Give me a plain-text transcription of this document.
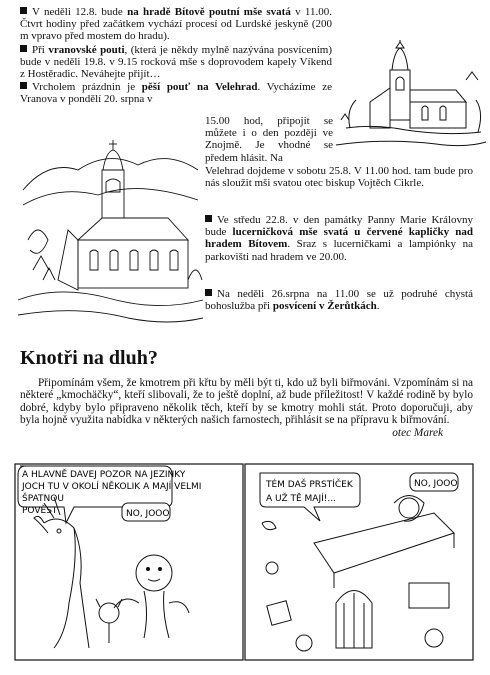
V neděli 12.8. bude na hradě Bítově poutní mše svatá v 11.00. Čtvrt hodiny před začátkem vychází procesí od Lurdské jeskyně (200 m vpravo před mostem do hradu).
Při vranovské pouti, (která je někdy mylně nazývána posvícením) bude v neděli 19.8. v 9.15 rocková mše s doprovodem kapely Víkend z Hostěradic. Neváhejte přijít…
Vrcholem prázdnin je pěší pouť na Velehrad. Vycházíme ze Vranova v pondělí 20. srpna v
15.00 hod, připojit se můžete i o den později ve Znojmě. Je vhodné se předem hlásit. Na
Velehrad dojdeme v sobotu 25.8. V 11.00 hod. tam bude pro nás sloužit mši svatou otec biskup Vojtěch Cikrle.
Ve středu 22.8. v den památky Panny Marie Královny bude lucerničková mše svatá u červené kapličky nad hradem Bítovem. Sraz s lucerničkami a lampiónky na parkovišti nad hradem ve 20.00.
Na neděli 26.srpna na 11.00 se už podruhé chystá bohoslužba při posvícení v Žerůtkách.
Knotři na dluh?
Připomínám všem, že kmotrem při křtu by měli být ti, kdo už byli biřmováni. Vzpomínám si na některé „kmochäčky“, kteří slibovali, že to ještě doplní, až bude příležitost! V každé rodině by bylo dobré, kdyby bylo připraveno několik těch, kteří by se kmotry mohli stát. Proto doporučuji, aby byla hojně využita nabídka v některých našich farnostech, přihlásit se na přípravu k biřmování.
otec Marek
A HLAVNĚ DAVEJ POZOR NA JEZINKY
JOCH TU V OKOLÍ NĚKOLIK A MAJÍ VELMI
ŠPATNOU
POVĚST	NO, JOOO
TÉM DAŠ PRSTÍČEK
A UŽ TĚ MAJÍ!...
NO, JOOO
